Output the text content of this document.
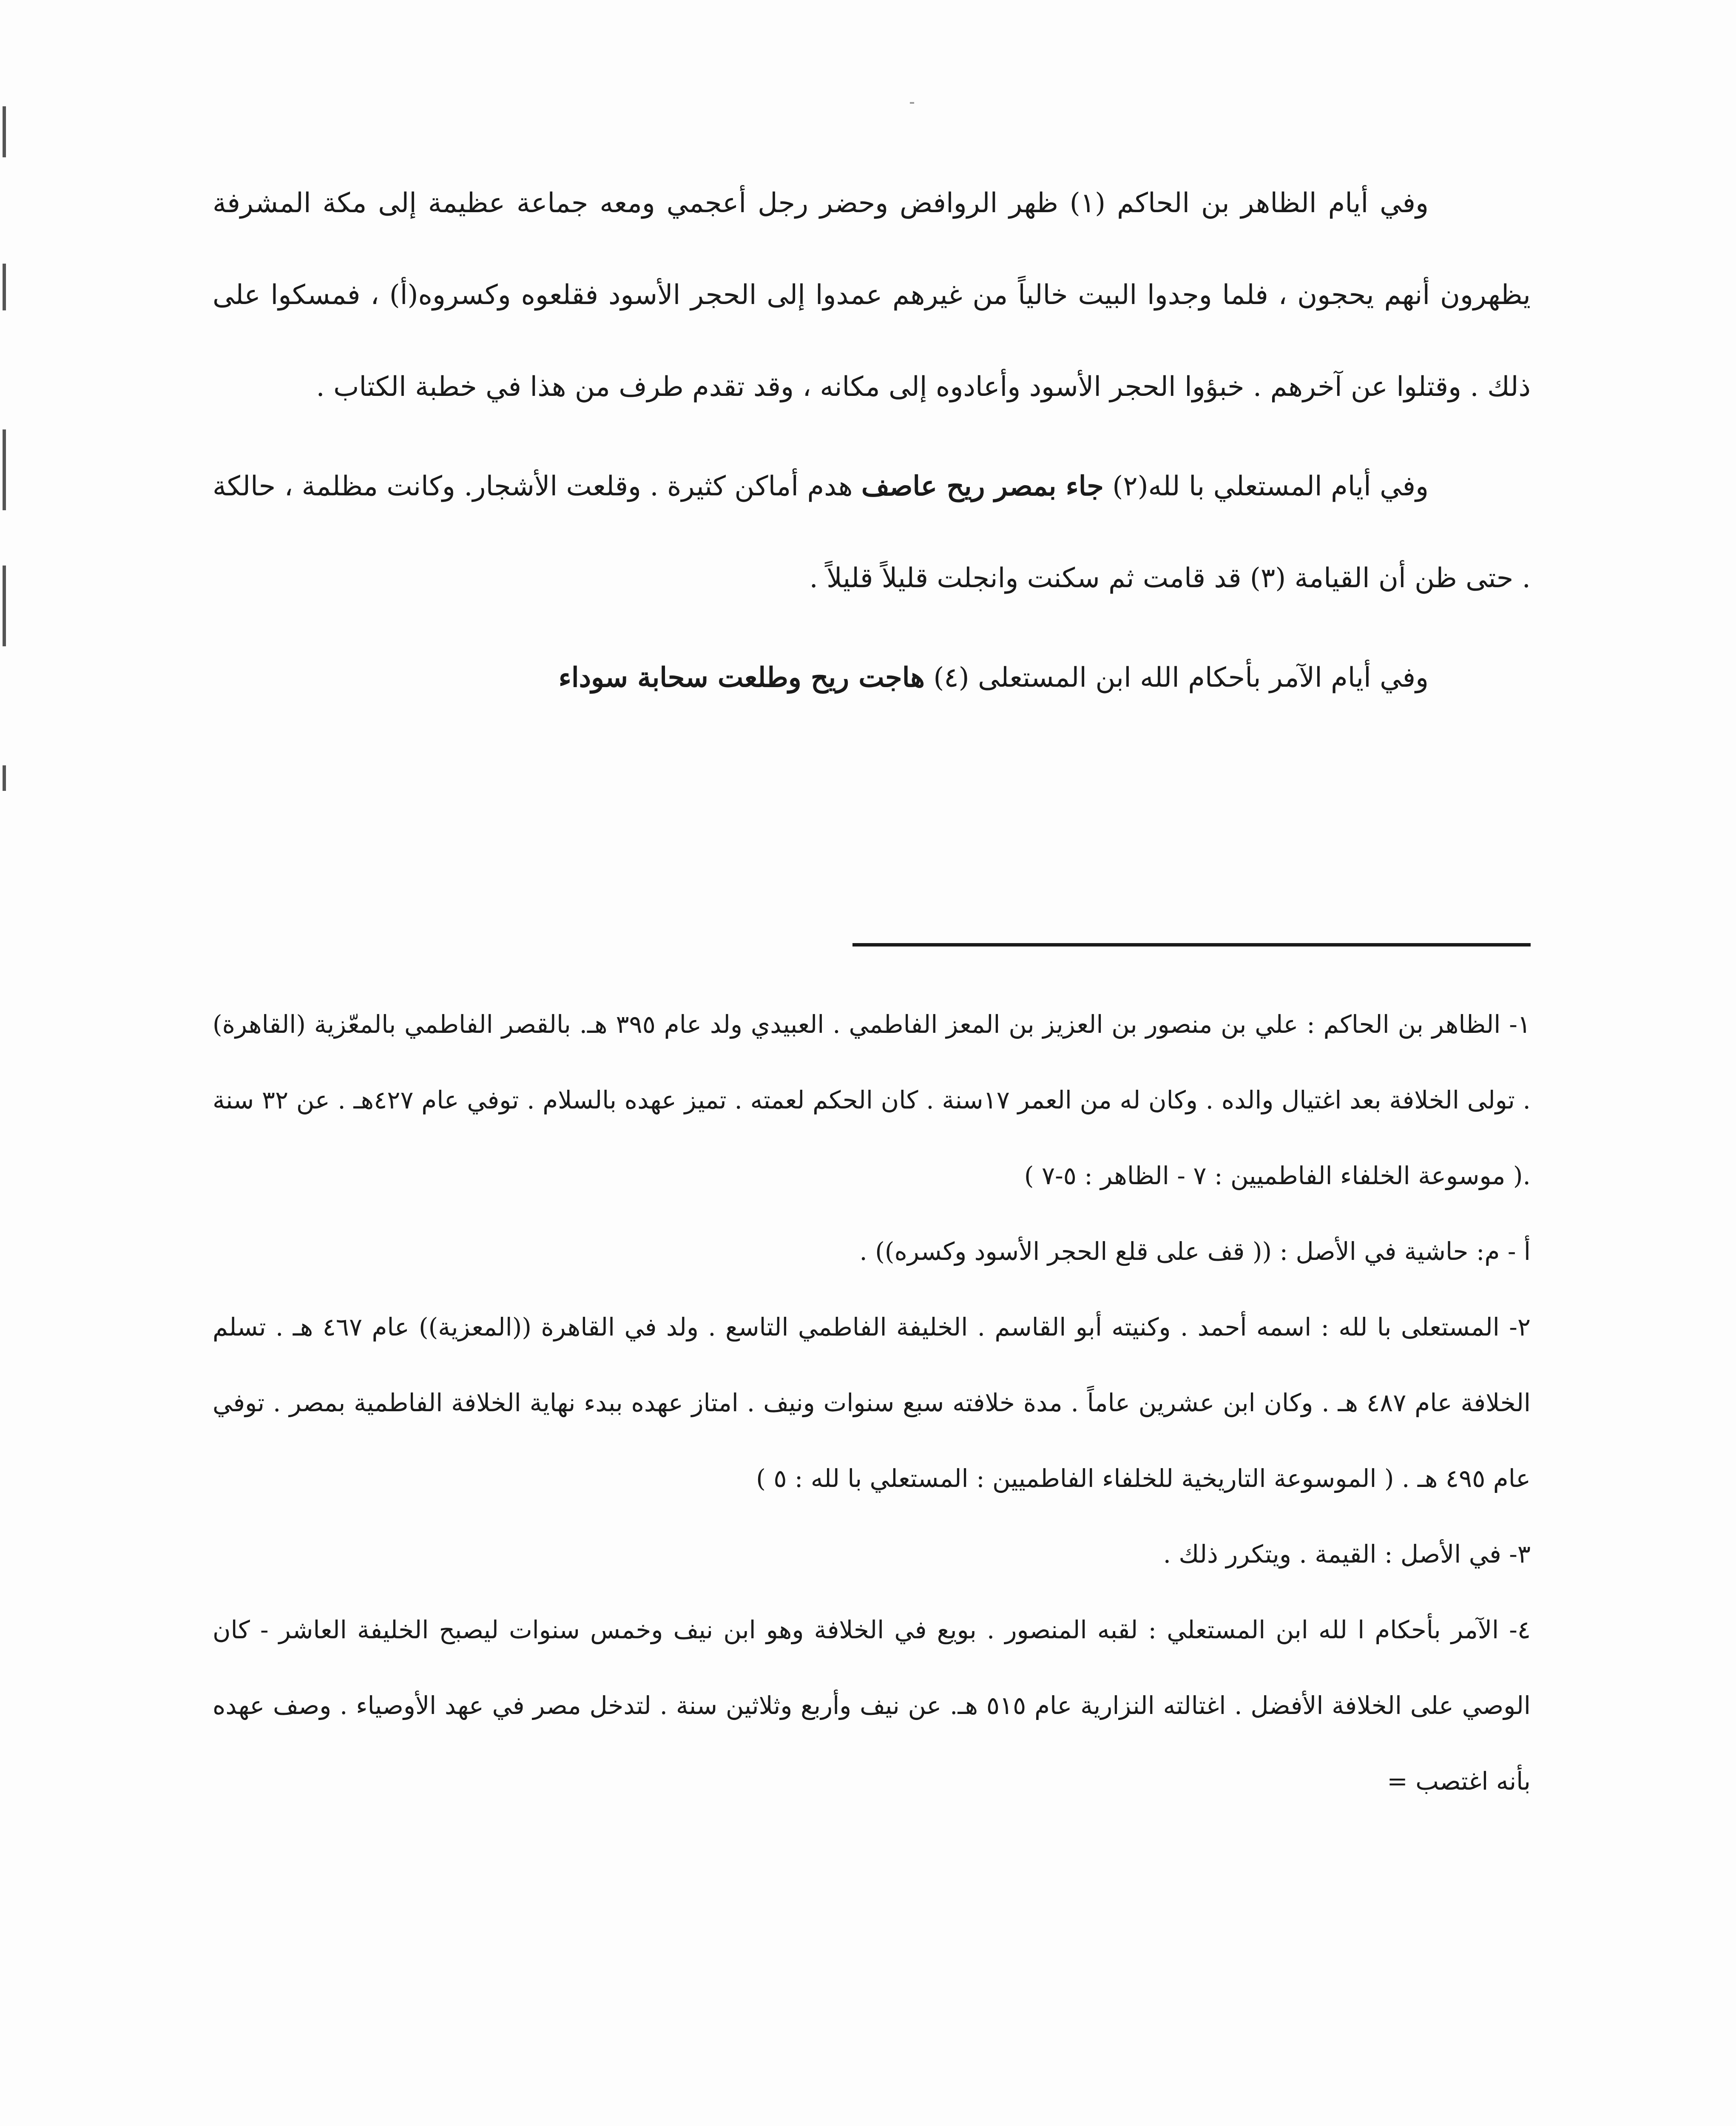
وفي أيام الظاهر بن الحاكم (١) ظهر الروافض وحضر رجل أعجمي ومعه جماعة عظيمة إلى مكة المشرفة يظهرون أنهم يحجون ، فلما وجدوا البيت خالياً من غيرهم عمدوا إلى الحجر الأسود فقلعوه وكسروه(أ) ، فمسكوا على ذلك . وقتلوا عن آخرهم . خبؤوا الحجر الأسود وأعادوه إلى مكانه ، وقد تقدم طرف من هذا في خطبة الكتاب .

وفي أيام المستعلي با لله(٢) جاء بمصر ريح عاصف هدم أماكن كثيرة . وقلعت الأشجار. وكانت مظلمة ، حالكة . حتى ظن أن القيامة (٣) قد قامت ثم سكنت وانجلت قليلاً قليلاً .

وفي أيام الآمر بأحكام الله ابن المستعلى (٤) هاجت ريح وطلعت سحابة سوداء

١- الظاهر بن الحاكم : علي بن منصور بن العزيز بن المعز الفاطمي . العبيدي ولد عام ٣٩٥ هـ. بالقصر الفاطمي بالمعّزية (القاهرة) . تولى الخلافة بعد اغتيال والده . وكان له من العمر ١٧سنة . كان الحكم لعمته . تميز عهده بالسلام . توفي عام ٤٢٧هـ . عن ٣٢ سنة .( موسوعة الخلفاء الفاطميين : ٧ - الظاهر : ٥-٧ )

أ - م: حاشية في الأصل : (( قف على قلع الحجر الأسود وكسره)) .

٢- المستعلى با لله : اسمه أحمد . وكنيته أبو القاسم . الخليفة الفاطمي التاسع . ولد في القاهرة ((المعزية)) عام ٤٦٧ هـ . تسلم الخلافة عام ٤٨٧ هـ . وكان ابن عشرين عاماً . مدة خلافته سبع سنوات ونيف . امتاز عهده ببدء نهاية الخلافة الفاطمية بمصر . توفي عام ٤٩٥ هـ . ( الموسوعة التاريخية للخلفاء الفاطميين : المستعلي با لله : ٥ )

٣- في الأصل : القيمة . ويتكرر ذلك .

٤- الآمر بأحكام ا لله ابن المستعلي : لقبه المنصور . بويع في الخلافة وهو ابن نيف وخمس سنوات ليصبح الخليفة العاشر - كان الوصي على الخلافة الأفضل . اغتالته النزارية عام ٥١٥ هـ. عن نيف وأربع وثلاثين سنة . لتدخل مصر في عهد الأوصياء . وصف عهده بأنه اغتصب =
